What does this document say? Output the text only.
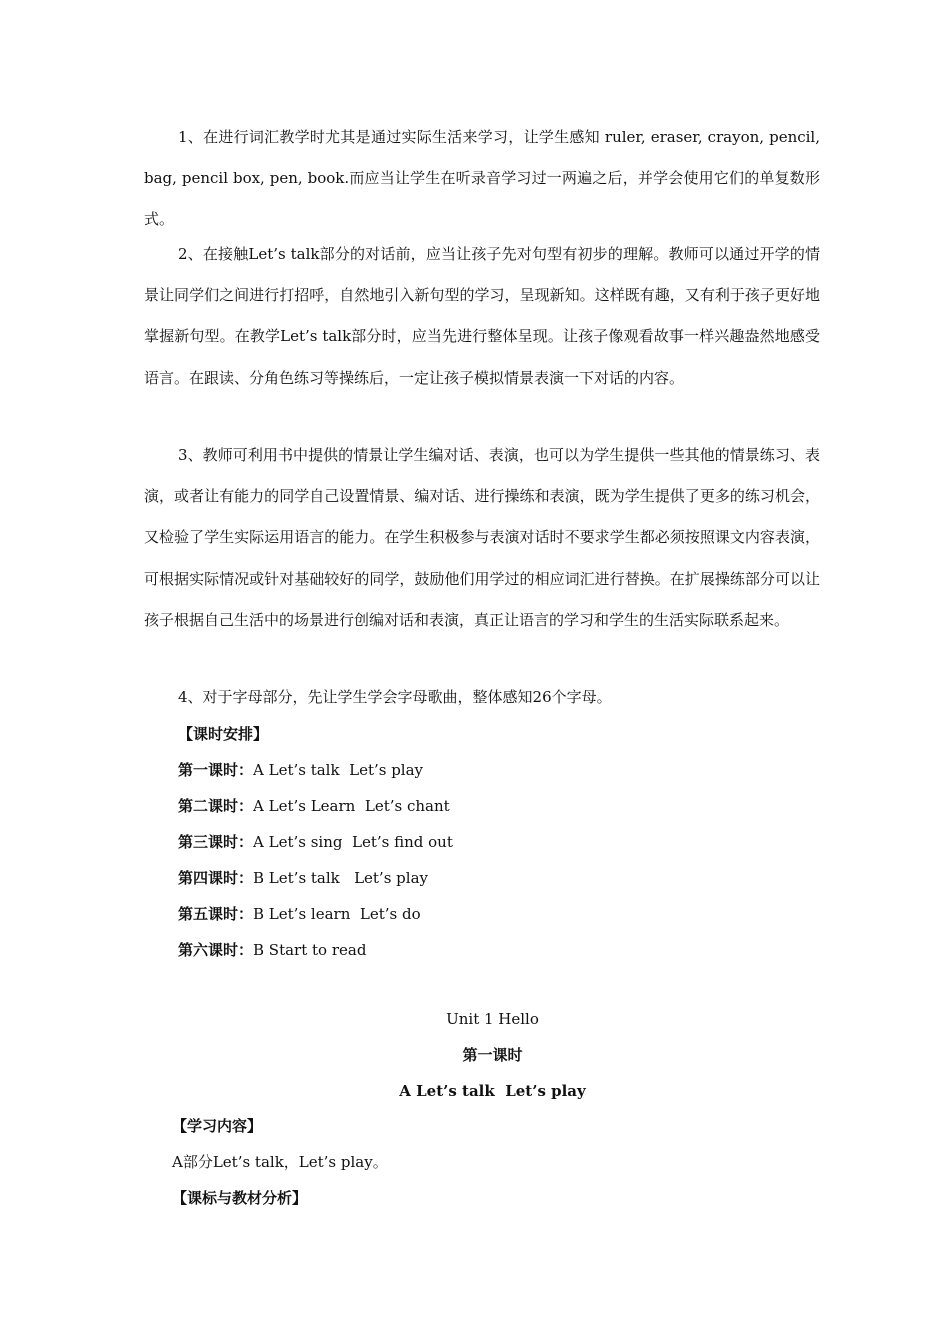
1、在进行词汇教学时尤其是通过实际生活来学习，让学生感知 ruler, eraser, crayon, pencil, bag, pencil box, pen, book.而应当让学生在听录音学习过一两遍之后，并学会使用它们的单复数形式。

2、在接触Let’s talk部分的对话前，应当让孩子先对句型有初步的理解。教师可以通过开学的情景让同学们之间进行打招呼，自然地引入新句型的学习，呈现新知。这样既有趣，又有利于孩子更好地掌握新句型。在教学Let’s talk部分时，应当先进行整体呈现。让孩子像观看故事一样兴趣盎然地感受语言。在跟读、分角色练习等操练后，一定让孩子模拟情景表演一下对话的内容。

3、教师可利用书中提供的情景让学生编对话、表演，也可以为学生提供一些其他的情景练习、表演，或者让有能力的同学自己设置情景、编对话、进行操练和表演，既为学生提供了更多的练习机会，又检验了学生实际运用语言的能力。在学生积极参与表演对话时不要求学生都必须按照课文内容表演，可根据实际情况或针对基础较好的同学，鼓励他们用学过的相应词汇进行替换。在扩展操练部分可以让孩子根据自己生活中的场景进行创编对话和表演，真正让语言的学习和学生的生活实际联系起来。

4、对于字母部分，先让学生学会字母歌曲，整体感知26个字母。

【课时安排】
第一课时：A Let’s talk  Let’s play
第二课时：A Let’s Learn  Let’s chant
第三课时：A Let’s sing  Let’s find out
第四课时：B Let’s talk   Let’s play
第五课时：B Let’s learn  Let’s do
第六课时：B Start to read
Unit 1 Hello
第一课时
A Let’s talk  Let’s play
【学习内容】
A部分Let’s talk，Let’s play。
【课标与教材分析】
